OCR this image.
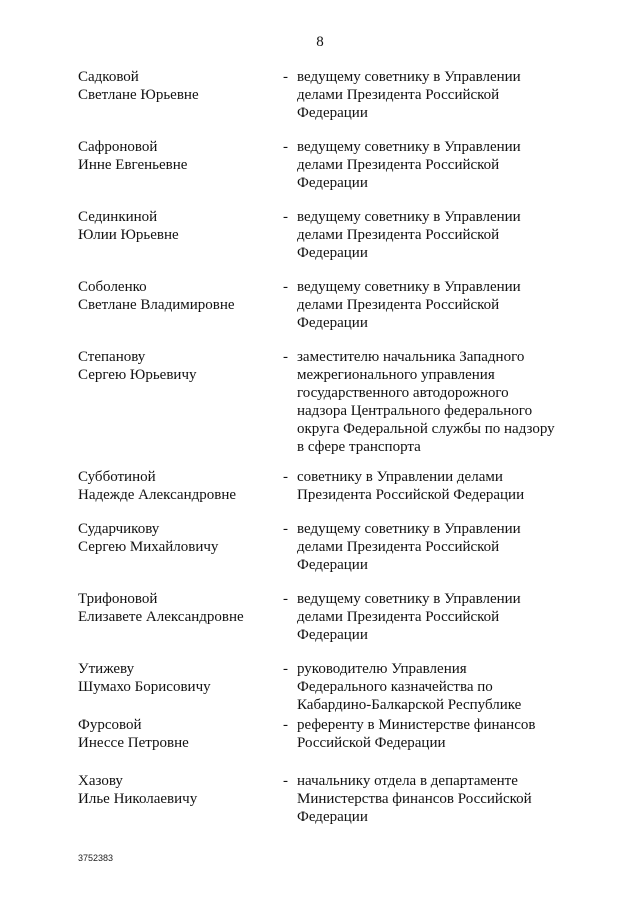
8
Садковой
Светлане Юрьевне
- ведущему советнику в Управлении
делами Президента Российской
Федерации
Сафроновой
Инне Евгеньевне
- ведущему советнику в Управлении
делами Президента Российской
Федерации
Сединкиной
Юлии Юрьевне
- ведущему советнику в Управлении
делами Президента Российской
Федерации
Соболенко
Светлане Владимировне
- ведущему советнику в Управлении
делами Президента Российской
Федерации
Степанову
Сергею Юрьевичу
- заместителю начальника Западного
межрегионального управления
государственного автодорожного
надзора Центрального федерального
округа Федеральной службы по надзору
в сфере транспорта
Субботиной
Надежде Александровне
- советнику в Управлении делами
Президента Российской Федерации
Сударчикову
Сергею Михайловичу
- ведущему советнику в Управлении
делами Президента Российской
Федерации
Трифоновой
Елизавете Александровне
- ведущему советнику в Управлении
делами Президента Российской
Федерации
Утижеву
Шумахо Борисовичу
- руководителю Управления
Федерального казначейства по
Кабардино-Балкарской Республике
Фурсовой
Инессе Петровне
- референту в Министерстве финансов
Российской Федерации
Хазову
Илье Николаевичу
- начальнику отдела в департаменте
Министерства финансов Российской
Федерации
3752383
